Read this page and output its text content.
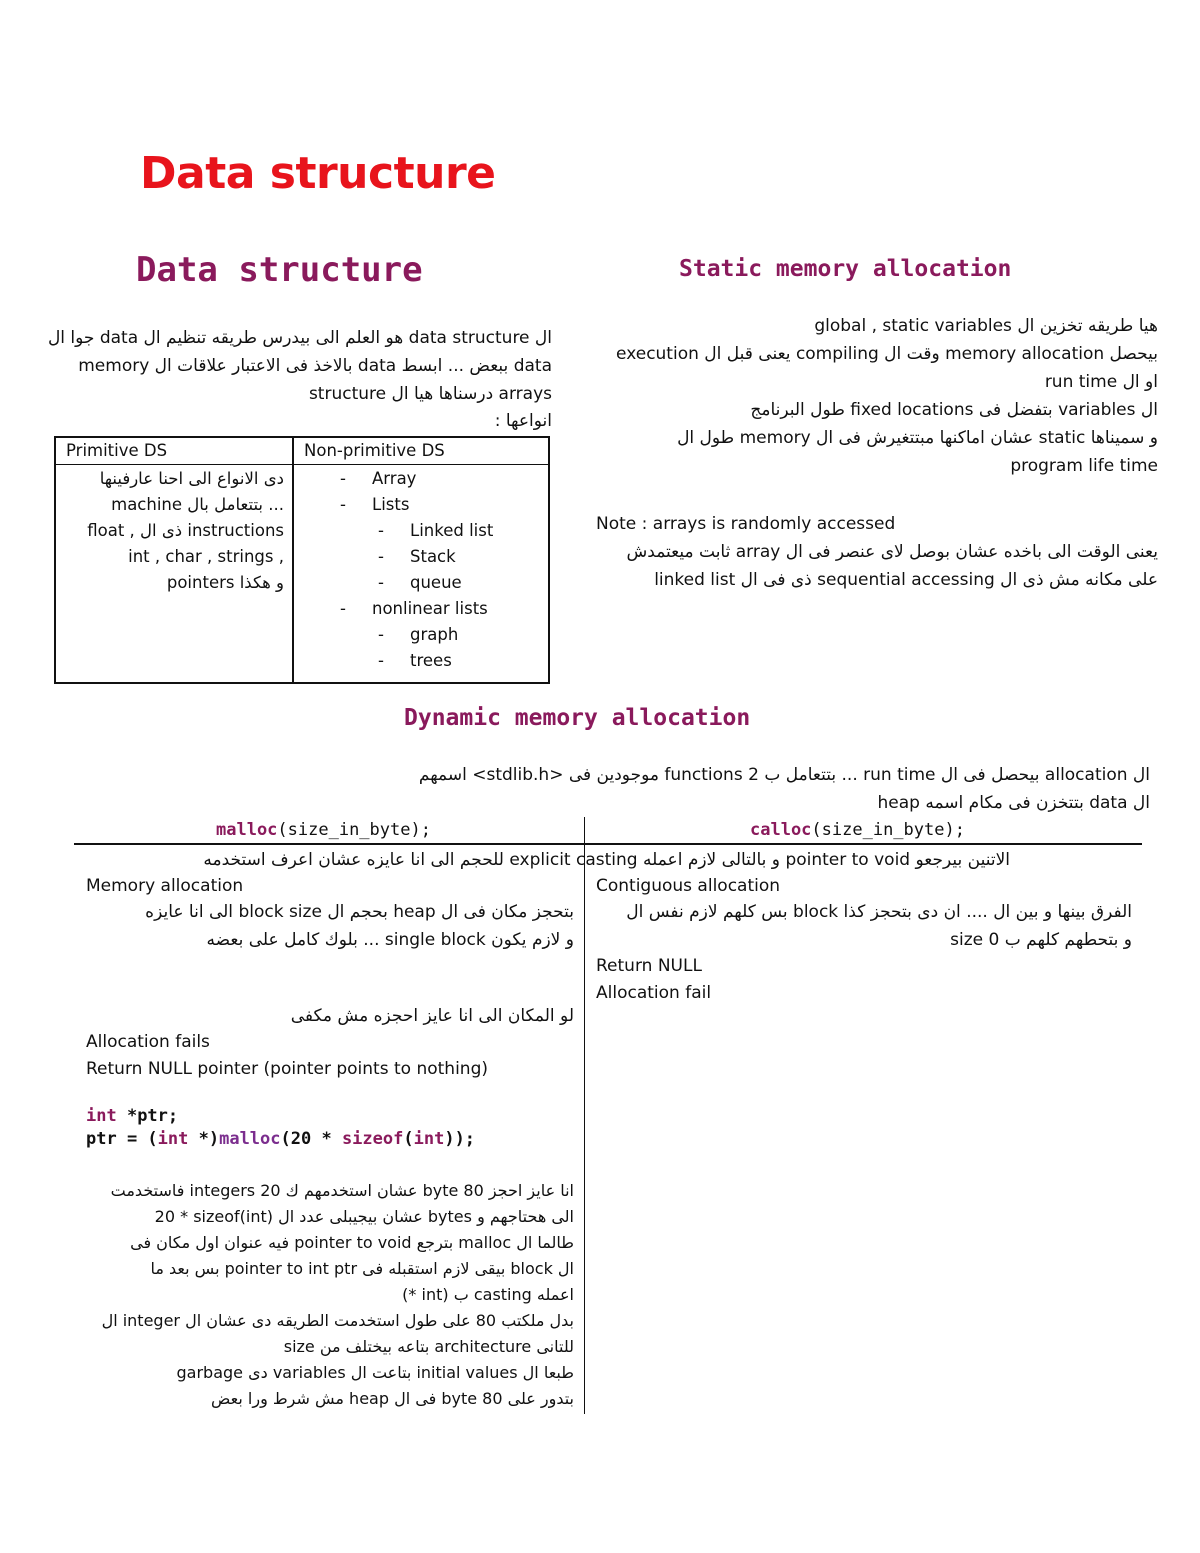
Data structure
Data structure
ال data structure هو العلم الى بيدرس طريقه تنظيم ال data جوا ال
memory بالاخذ فى الاعتبار علاقات ال data ببعض ... ابسط data
structure درسناها هيا ال arrays
انواعها :
Primitive DS	Non-primitive DS
دى الانواع الى احنا عارفينها
... بتتعامل بال machine
float , ذى ال instructions
int , char , strings ,
pointers و هكذا
- Array
- Lists
- Linked list
- Stack
- queue
- nonlinear lists
- graph
- trees
Static memory allocation
هيا طريقه تخزين ال global , static variables
بيحصل memory allocation وقت ال compiling يعنى قبل ال execution
او ال run time
ال variables بتفضل فى fixed locations طول البرنامج
و سميناها static عشان اماكنها مبتتغيرش فى ال memory طول ال
program life time
Note : arrays is randomly accessed
يعنى الوقت الى باخده عشان بوصل لاى عنصر فى ال array ثابت ميعتمدش
على مكانه مش ذى ال sequential accessing ذى فى ال linked list
Dynamic memory allocation
ال allocation بيحصل فى ال run time ... بتتعامل ب 2 functions موجودين فى <stdlib.h> اسمهم
ال data بتتخزن فى مكام اسمه heap
malloc(size_in_byte);	calloc(size_in_byte);
الاتنين بيرجعو pointer to void و بالتالى لازم اعمله explicit casting للحجم الى انا عايزه عشان اعرف استخدمه
Memory allocation
بتحجز مكان فى ال heap بحجم ال block size الى انا عايزه
و لازم يكون single block ... بلوك كامل على بعضه
لو المكان الى انا عايز احجزه مش مكفى
Allocation fails
Return NULL pointer (pointer points to nothing)
int *ptr;
ptr = (int *)malloc(20 * sizeof(int));
انا عايز احجز 80 byte عشان استخدمهم ك 20 integers فاستخدمت
20 * sizeof(int) عشان بيجيبلى عدد ال bytes الى هحتاجهم و
طالما ال malloc بترجع pointer to void فيه عنوان اول مكان فى
ال block بيقى لازم استقبله فى pointer to int ptr بس بعد ما
اعمله casting ب (int *)
بدل ملكتب 80 على طول استخدمت الطريقه دى عشان ال integer ال
size بتاعه بيختلف من architecture للتانى
طبعا ال initial values بتاعت ال variables دى garbage
بتدور على 80 byte فى ال heap مش شرط ورا بعض
Contiguous allocation
الفرق بينها و بين ال .... ان دى بتحجز كذا block بس كلهم لازم نفس ال
size و بتحطهم كلهم ب 0
Return NULL
Allocation fail
